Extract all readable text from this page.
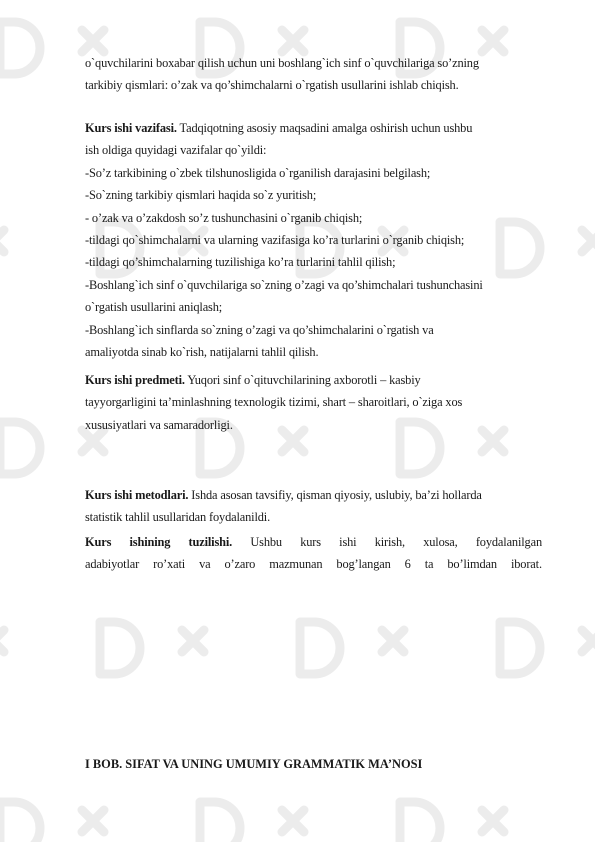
o`quvchilarini boxabar qilish uchun uni boshlang`ich sinf o`quvchilariga so’zning
tarkibiy qismlari: o’zak va qo’shimchalarni o`rgatish usullarini ishlab chiqish.
Kurs ishi vazifasi. Tadqiqotning asosiy maqsadini amalga oshirish uchun ushbu
ish oldiga quyidagi vazifalar qo`yildi:
-So’z tarkibining o`zbek tilshunosligida o`rganilish darajasini belgilash;
-So`zning tarkibiy qismlari haqida so`z yuritish;
- o’zak va o’zakdosh so’z tushunchasini o`rganib chiqish;
-tildagi qo`shimchalarni va ularning vazifasiga ko’ra turlarini o`rganib chiqish;
-tildagi qo’shimchalarning tuzilishiga ko’ra turlarini tahlil qilish;
-Boshlang`ich sinf o`quvchilariga so`zning o’zagi va qo’shimchalari tushunchasini
o`rgatish usullarini aniqlash;
-Boshlang`ich sinflarda so`zning o’zagi va qo’shimchalarini o`rgatish va
amaliyotda sinab ko`rish, natijalarni tahlil qilish.
Kurs ishi predmeti. Yuqori sinf o`qituvchilarining axborotli – kasbiy
tayyorgarligini ta’minlashning texnologik tizimi, shart – sharoitlari, o`ziga xos
xususiyatlari va samaradorligi.
Kurs ishi metodlari. Ishda asosan tavsifiy, qisman qiyosiy, uslubiy, ba’zi hollarda
statistik tahlil usullaridan foydalanildi.
Kurs ishining tuzilishi. Ushbu kurs ishi kirish, xulosa, foydalanilgan
adabiyotlar ro’xati va o’zaro mazmunan bog’langan 6 ta bo’limdan iborat.
I BOB. SIFAT VA UNING UMUMIY GRAMMATIK MA’NOSI
